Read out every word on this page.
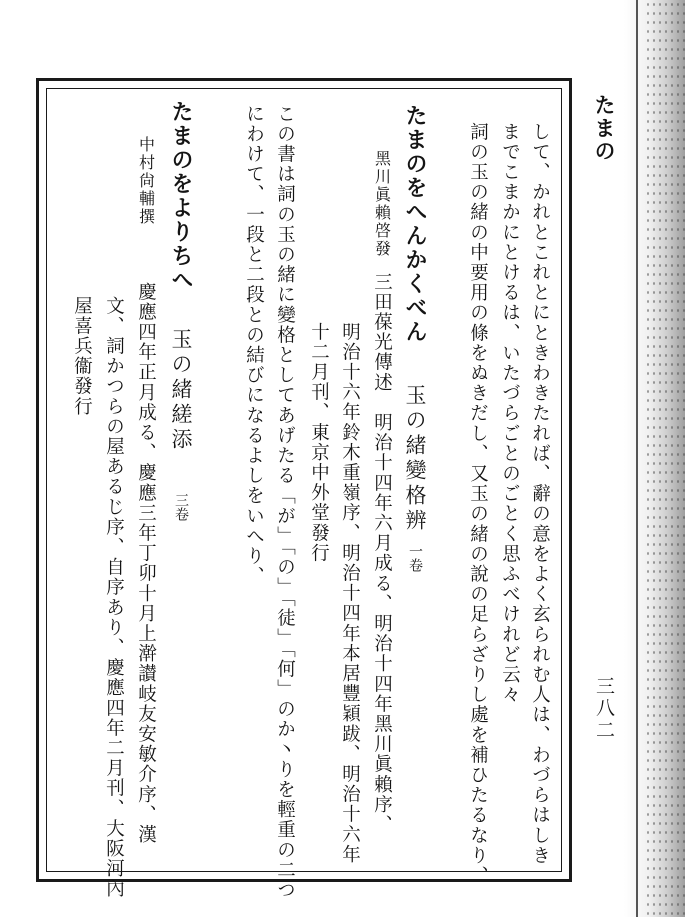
たまの
三八二
して、かれとこれとにときわきたれば、辭の意をよく玄られむ人は、わづらはしき
までこまかにとけるは、いたづらごとのごとく思ふべけれど云々
詞の玉の緒の中要用の條をぬきだし、又玉の緒の說の足らざりし處を補ひたるなり、
たまのをへんかくべん玉の緒變格辨一卷
黑川眞賴啓發三田葆光傳述　明治十四年六月成る、明治十四年黑川眞賴序、
明治十六年鈴木重嶺序、明治十四年本居豐穎跋、明治十六年
十二月刊、東京中外堂發行
この書は詞の玉の緒に變格としてあげたる「が」「の」「徒」「何」のか丶りを輕重の二つ
にわけて、一段と二段との結びになるよしをいへり、
たまのをよりちへ玉の緒縒添三卷
中村尙輔撰慶應四年正月成る、慶應三年丁卯十月上澣讃岐友安敏介序、漢
文、詞かつらの屋あるじ序、自序あり、慶應四年二月刊、大阪河內
屋喜兵衞發行
